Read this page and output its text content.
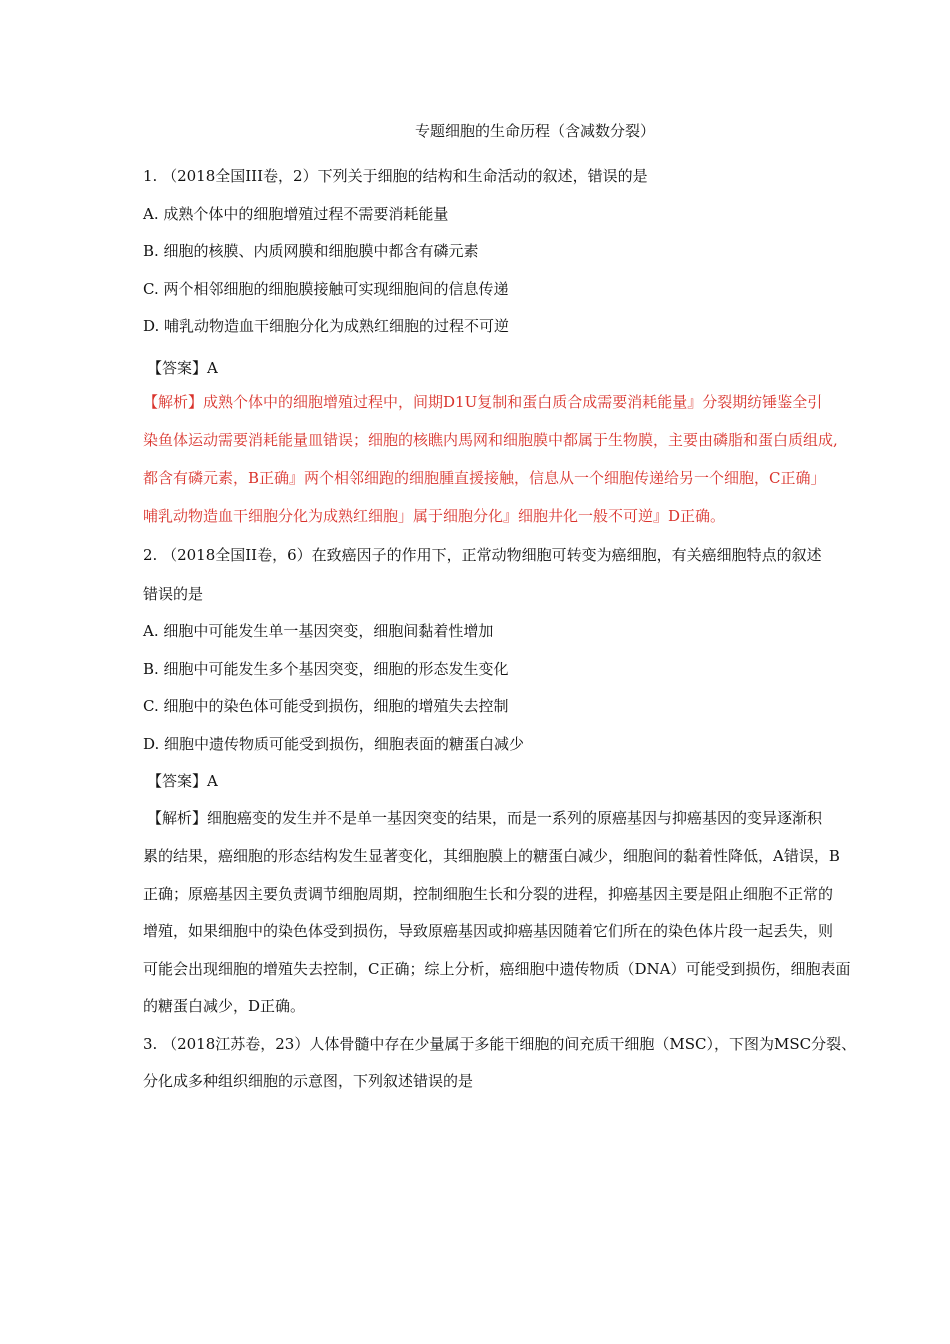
专题细胞的生命历程（含减数分裂）
1. （2018全国III卷，2）下列关于细胞的结构和生命活动的叙述，错误的是
A. 成熟个体中的细胞增殖过程不需要消耗能量
B. 细胞的核膜、内质网膜和细胞膜中都含有磷元素
C. 两个相邻细胞的细胞膜接触可实现细胞间的信息传递
D. 哺乳动物造血干细胞分化为成熟红细胞的过程不可逆
【答案】A
【解析】成熟个体中的细胞增殖过程中，间期D1U复制和蛋白质合成需要消耗能量』分裂期纺锤鉴全引
染鱼体运动需要消耗能量皿错误；细胞的核瞧内馬网和细胞膜中都属于生物膜，主要由磷脂和蛋白质组成,
都含有磷元素，B正确』两个相邻细跑的细胞腫直援接触，信息从一个细胞传递给另一个细胞，C正确」
哺乳动物造血干细胞分化为成熟红细胞」属于细胞分化』细胞井化一般不可逆』D正确。
2. （2018全国II卷，6）在致癌因子的作用下，正常动物细胞可转变为癌细胞，有关癌细胞特点的叙述
错误的是
A. 细胞中可能发生单一基因突变，细胞间黏着性增加
B. 细胞中可能发生多个基因突变，细胞的形态发生变化
C. 细胞中的染色体可能受到损伤，细胞的增殖失去控制
D. 细胞中遗传物质可能受到损伤，细胞表面的糖蛋白减少
【答案】A
【解析】细胞癌变的发生并不是单一基因突变的结果，而是一系列的原癌基因与抑癌基因的变异逐渐积
累的结果，癌细胞的形态结构发生显著变化，其细胞膜上的糖蛋白减少，细胞间的黏着性降低，A错误，B
正确；原癌基因主要负责调节细胞周期，控制细胞生长和分裂的进程，抑癌基因主要是阻止细胞不正常的
增殖，如果细胞中的染色体受到损伤，导致原癌基因或抑癌基因随着它们所在的染色体片段一起丢失，则
可能会出现细胞的增殖失去控制，C正确；综上分析，癌细胞中遗传物质（DNA）可能受到损伤，细胞表面
的糖蛋白减少，D正确。
3. （2018江苏卷，23）人体骨髓中存在少量属于多能干细胞的间充质干细胞（MSC），下图为MSC分裂、
分化成多种组织细胞的示意图，下列叙述错误的是
